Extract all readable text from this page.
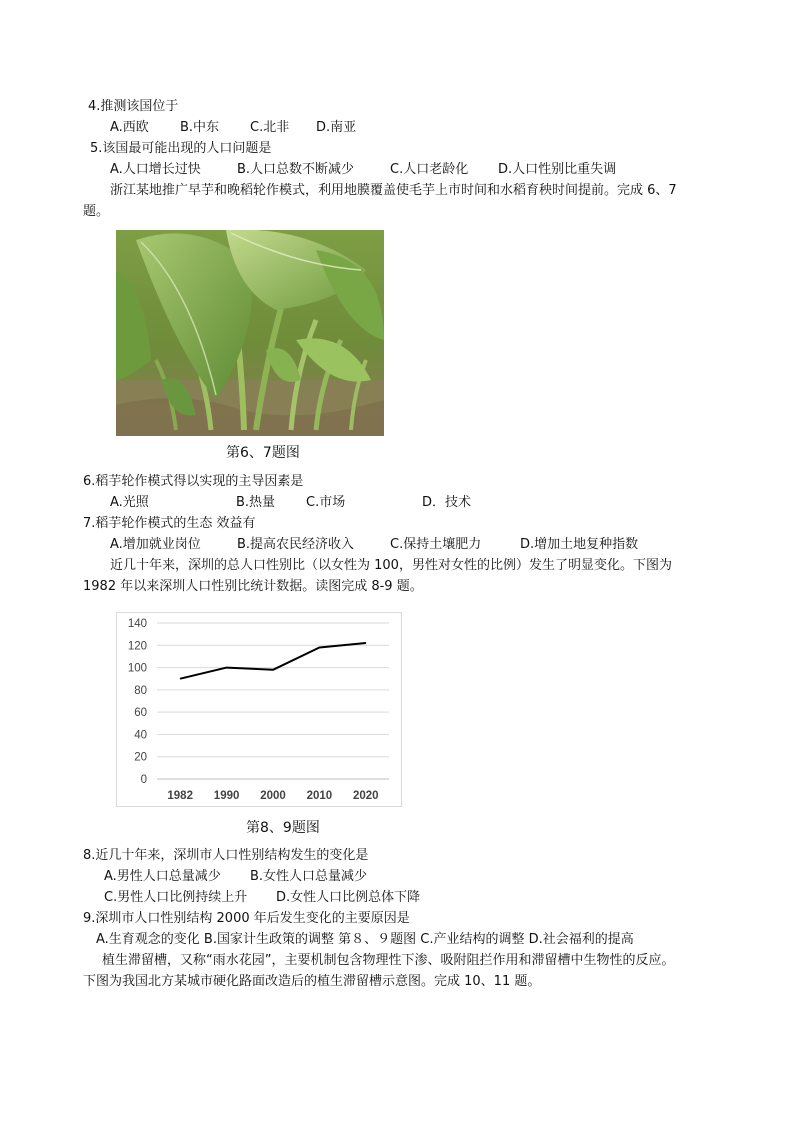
4.推测该国位于
A.西欧 B.中东 C.北非 D.南亚
5.该国最可能出现的人口问题是
A.人口增长过快	B.人口总数不断减少	C.人口老龄化 D.人口性别比重失调
浙江某地推广早芋和晚稻轮作模式，利用地膜覆盖使毛芋上市时间和水稻育秧时间提前。完成 6、7
题。
第6、7题图
6.稻芋轮作模式得以实现的主导因素是
A.光照	B.热量 C.市场	D．技术
7.稻芋轮作模式的生态 效益有
A.增加就业岗位	B.提高农民经济收入	C.保持土壤肥力	D.增加土地复种指数
近几十年来，深圳的总人口性别比（以女性为 100，男性对女性的比例）发生了明显变化。下图为
1982 年以来深圳人口性别比统计数据。读图完成 8-9 题。
0
20
40
60
80
100
120
140
1982 1990 2000 2010 2020
第8、9题图
8.近几十年来，深圳市人口性别结构发生的变化是
A.男性人口总量减少 B.女性人口总量减少
C.男性人口比例持续上升 D.女性人口比例总体下降
9.深圳市人口性别结构 2000 年后发生变化的主要原因是
A.生育观念的变化 B.国家计生政策的调整 第８、９题图 C.产业结构的调整 D.社会福利的提高
植生滞留槽，又称“雨水花园”，主要机制包含物理性下渗、吸附阻拦作用和滞留槽中生物性的反应。
下图为我国北方某城市硬化路面改造后的植生滞留槽示意图。完成 10、11 题。
